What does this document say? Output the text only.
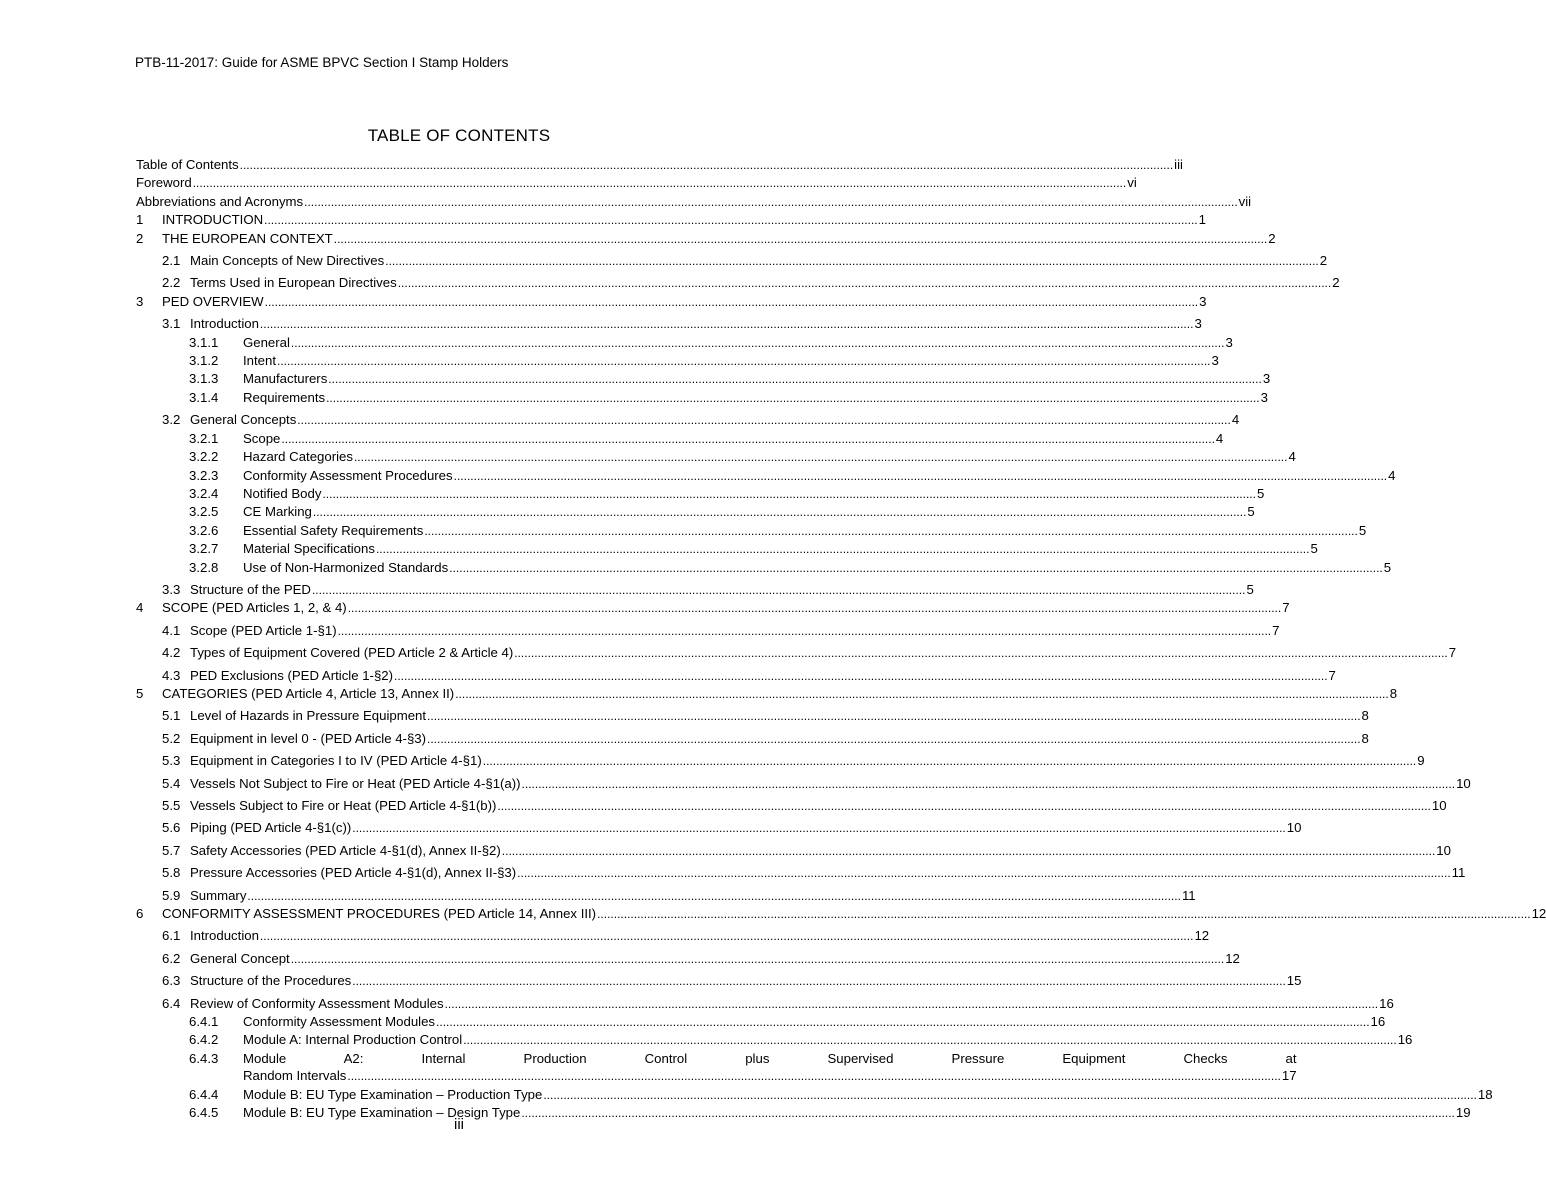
PTB-11-2017: Guide for ASME BPVC Section I Stamp Holders
TABLE OF CONTENTS
Table of Contents .....	iii
Foreword .....	vi
Abbreviations and Acronyms .....	vii
1	INTRODUCTION .....	1
2	THE EUROPEAN CONTEXT .....	2
2.1 Main Concepts of New Directives .....	2
2.2 Terms Used in European Directives .....	2
3	PED OVERVIEW .....	3
3.1 Introduction .....	3
3.1.1	General .....	3
3.1.2	Intent .....	3
3.1.3	Manufacturers .....	3
3.1.4	Requirements .....	3
3.2 General Concepts .....	4
3.2.1	Scope .....	4
3.2.2	Hazard Categories .....	4
3.2.3	Conformity Assessment Procedures .....	4
3.2.4	Notified Body .....	5
3.2.5	CE Marking .....	5
3.2.6	Essential Safety Requirements .....	5
3.2.7	Material Specifications .....	5
3.2.8	Use of Non-Harmonized Standards .....	5
3.3 Structure of the PED .....	5
4	SCOPE (PED Articles 1, 2, & 4) .....	7
4.1 Scope (PED Article 1-§1) .....	7
4.2 Types of Equipment Covered (PED Article 2 & Article 4) .....	7
4.3 PED Exclusions (PED Article 1-§2) .....	7
5	CATEGORIES (PED Article 4, Article 13, Annex II) .....	8
5.1 Level of Hazards in Pressure Equipment .....	8
5.2 Equipment in level 0 - (PED Article 4-§3) .....	8
5.3 Equipment in Categories I to IV (PED Article 4-§1) .....	9
5.4 Vessels Not Subject to Fire or Heat (PED Article 4-§1(a)) .....	10
5.5 Vessels Subject to Fire or Heat (PED Article 4-§1(b)) .....	10
5.6 Piping (PED Article 4-§1(c)) .....	10
5.7 Safety Accessories (PED Article 4-§1(d), Annex II-§2) .....	10
5.8 Pressure Accessories (PED Article 4-§1(d), Annex II-§3) .....	11
5.9 Summary .....	11
6	CONFORMITY ASSESSMENT PROCEDURES (PED Article 14, Annex III) .....	12
6.1 Introduction .....	12
6.2 General Concept .....	12
6.3 Structure of the Procedures .....	15
6.4 Review of Conformity Assessment Modules .....	16
6.4.1	Conformity Assessment Modules .....	16
6.4.2	Module A: Internal Production Control .....	16
6.4.3	Module A2: Internal Production Control plus Supervised Pressure Equipment Checks at
Random Intervals .....	17
6.4.4	Module B: EU Type Examination – Production Type .....	18
6.4.5	Module B: EU Type Examination – Design Type .....	19
iii
